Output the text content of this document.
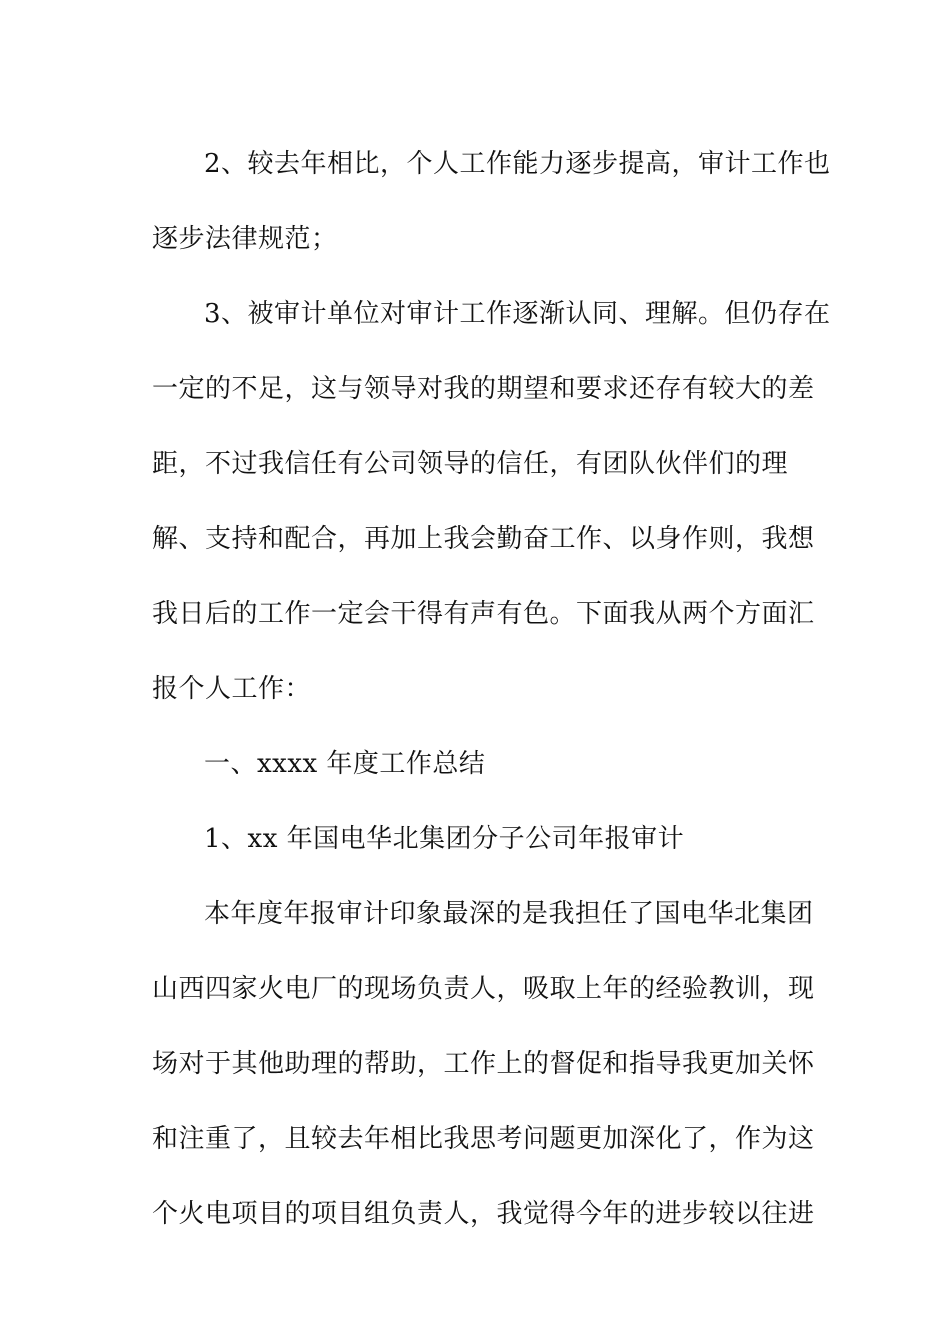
2、较去年相比，个人工作能力逐步提高，审计工作也
逐步法律规范；
3、被审计单位对审计工作逐渐认同、理解。但仍存在
一定的不足，这与领导对我的期望和要求还存有较大的差
距，不过我信任有公司领导的信任，有团队伙伴们的理
解、支持和配合，再加上我会勤奋工作、以身作则，我想
我日后的工作一定会干得有声有色。下面我从两个方面汇
报个人工作：
一、xxxx 年度工作总结
1、xx 年国电华北集团分子公司年报审计
本年度年报审计印象最深的是我担任了国电华北集团
山西四家火电厂的现场负责人，吸取上年的经验教训，现
场对于其他助理的帮助，工作上的督促和指导我更加关怀
和注重了，且较去年相比我思考问题更加深化了，作为这
个火电项目的项目组负责人，我觉得今年的进步较以往进
